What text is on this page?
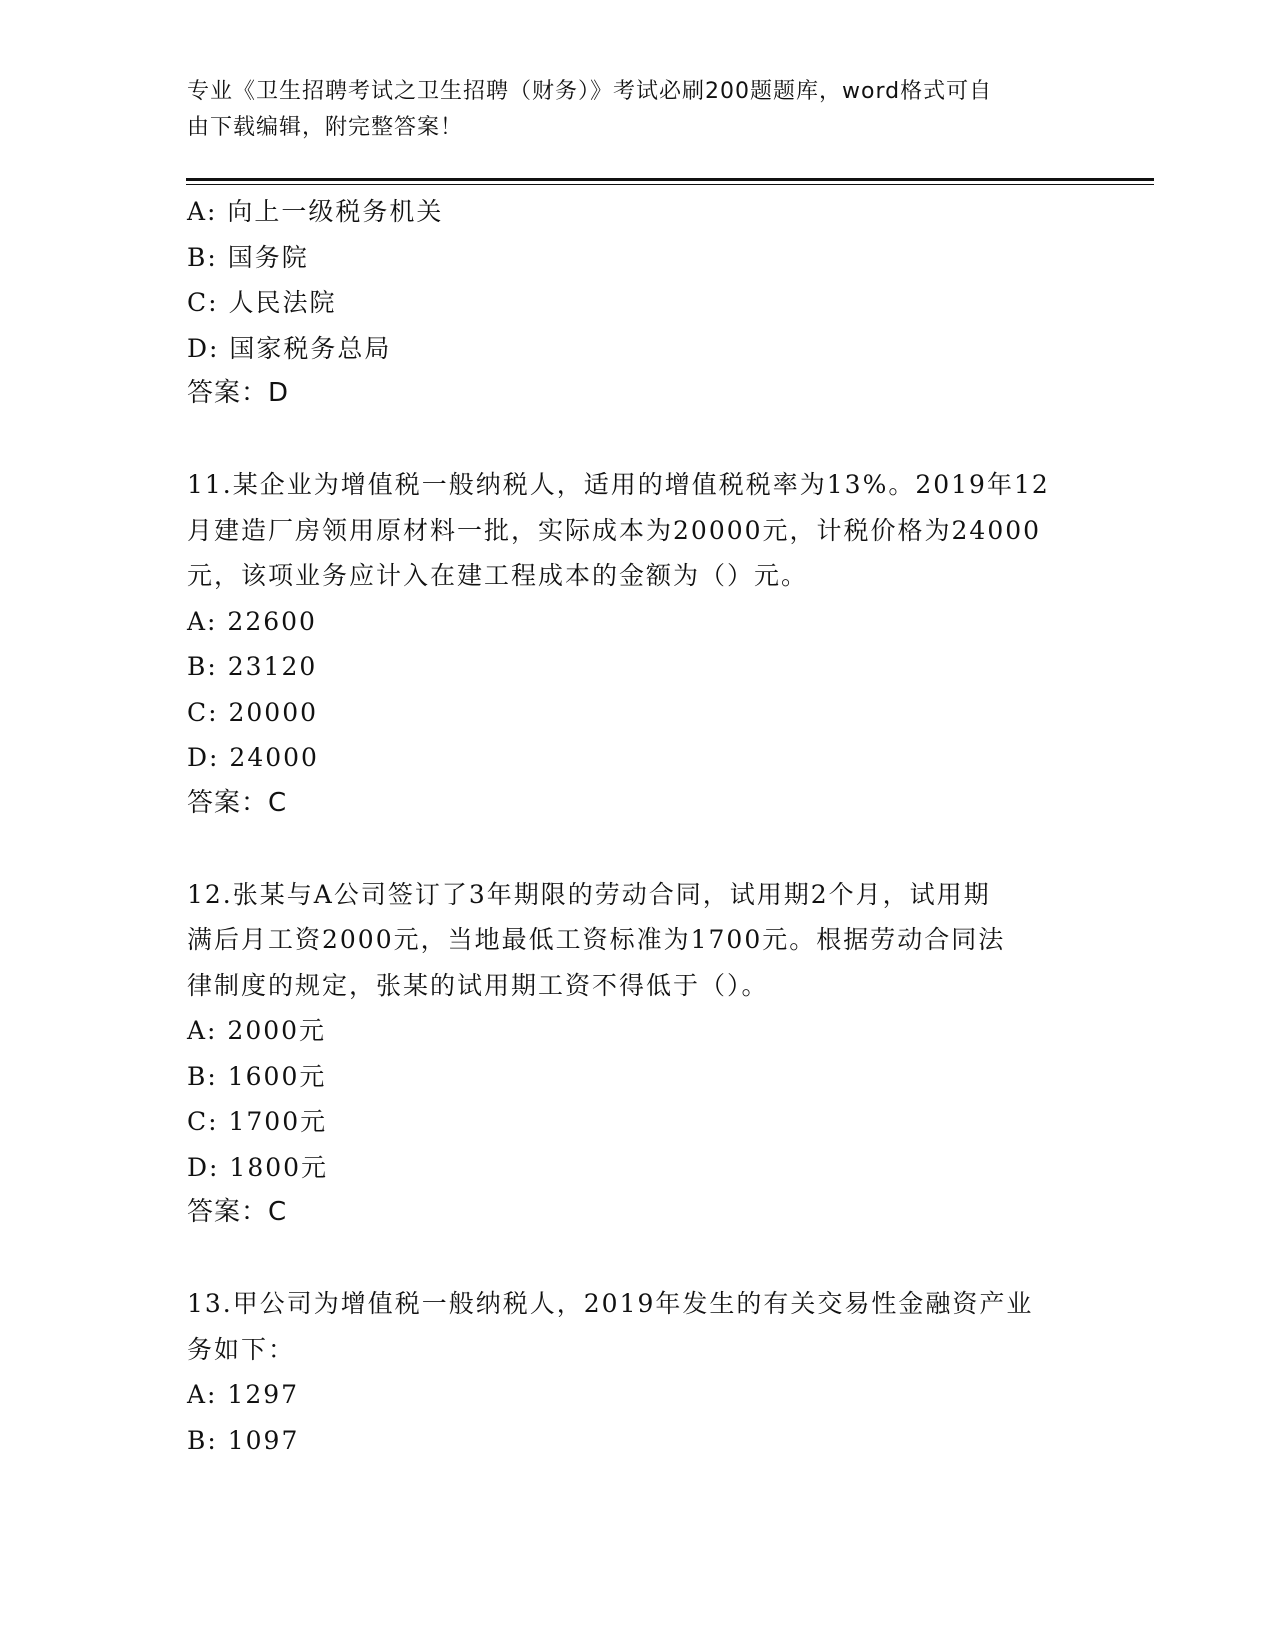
专业《卫生招聘考试之卫生招聘（财务）》考试必刷200题题库，word格式可自
由下载编辑，附完整答案！

A: 向上一级税务机关

B: 国务院

C: 人民法院

D: 国家税务总局

答案：D

11.某企业为增值税一般纳税人，适用的增值税税率为13%。2019年12

月建造厂房领用原材料一批，实际成本为20000元，计税价格为24000

元，该项业务应计入在建工程成本的金额为（）元。

A: 22600

B: 23120

C: 20000

D: 24000

答案：C

12.张某与A公司签订了3年期限的劳动合同，试用期2个月，试用期

满后月工资2000元，当地最低工资标准为1700元。根据劳动合同法

律制度的规定，张某的试用期工资不得低于（）。

A: 2000元

B: 1600元

C: 1700元

D: 1800元

答案：C

13.甲公司为增值税一般纳税人，2019年发生的有关交易性金融资产业

务如下：

A: 1297

B: 1097
